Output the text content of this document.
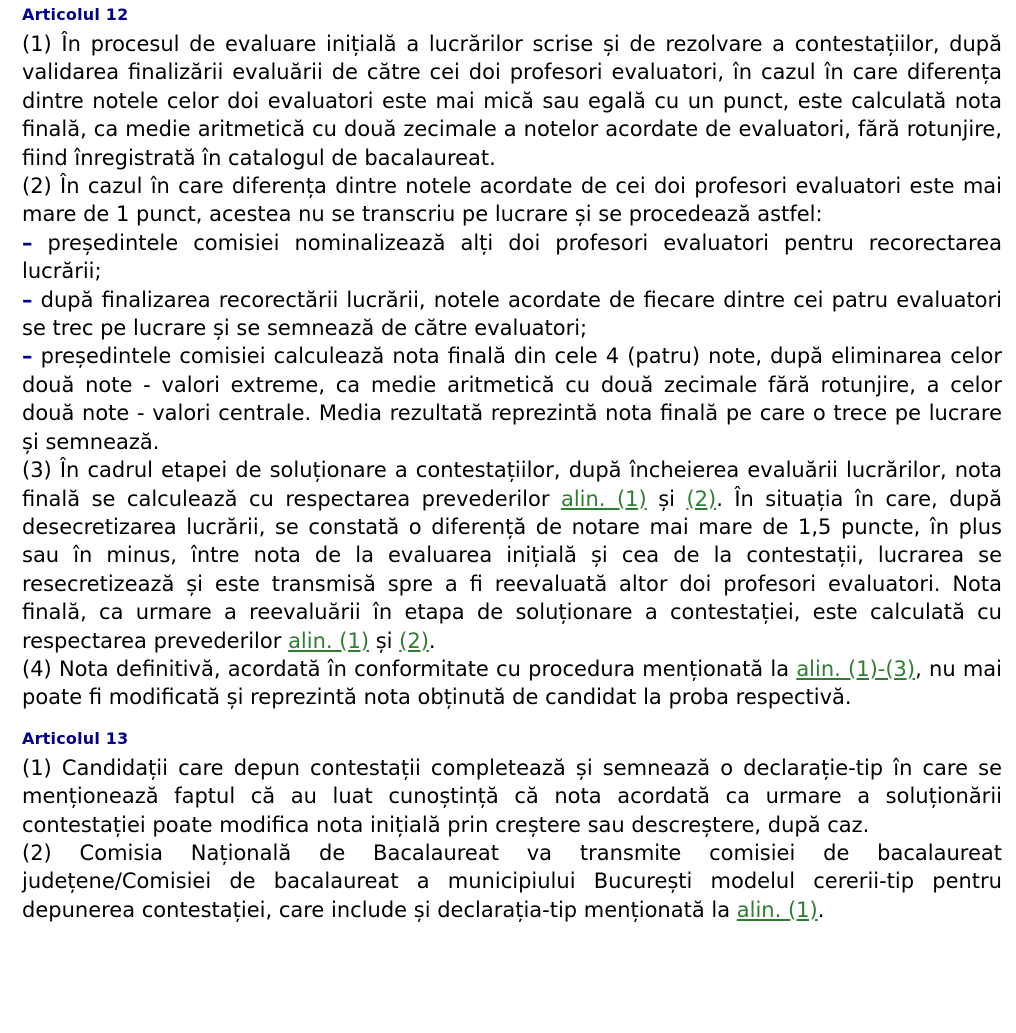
Articolul 12

(1) În procesul de evaluare inițială a lucrărilor scrise și de rezolvare a contestațiilor, după validarea finalizării evaluării de către cei doi profesori evaluatori, în cazul în care diferența dintre notele celor doi evaluatori este mai mică sau egală cu un punct, este calculată nota finală, ca medie aritmetică cu două zecimale a notelor acordate de evaluatori, fără rotunjire, fiind înregistrată în catalogul de bacalaureat.

(2) În cazul în care diferența dintre notele acordate de cei doi profesori evaluatori este mai mare de 1 punct, acestea nu se transcriu pe lucrare și se procedează astfel:

– președintele comisiei nominalizează alți doi profesori evaluatori pentru recorectarea lucrării;

– după finalizarea recorectării lucrării, notele acordate de fiecare dintre cei patru evaluatori se trec pe lucrare și se semnează de către evaluatori;

– președintele comisiei calculează nota finală din cele 4 (patru) note, după eliminarea celor două note - valori extreme, ca medie aritmetică cu două zecimale fără rotunjire, a celor două note - valori centrale. Media rezultată reprezintă nota finală pe care o trece pe lucrare și semnează.

(3) În cadrul etapei de soluționare a contestațiilor, după încheierea evaluării lucrărilor, nota finală se calculează cu respectarea prevederilor alin. (1) și (2). În situația în care, după desecretizarea lucrării, se constată o diferență de notare mai mare de 1,5 puncte, în plus sau în minus, între nota de la evaluarea inițială și cea de la contestații, lucrarea se resecretizează și este transmisă spre a fi reevaluată altor doi profesori evaluatori. Nota finală, ca urmare a reevaluării în etapa de soluționare a contestației, este calculată cu respectarea prevederilor alin. (1) și (2).

(4) Nota definitivă, acordată în conformitate cu procedura menționată la alin. (1)-(3), nu mai poate fi modificată și reprezintă nota obținută de candidat la proba respectivă.

Articolul 13

(1) Candidații care depun contestații completează și semnează o declarație-tip în care se menționează faptul că au luat cunoștință că nota acordată ca urmare a soluționării contestației poate modifica nota inițială prin creștere sau descreștere, după caz.

(2) Comisia Națională de Bacalaureat va transmite comisiei de bacalaureat județene/Comisiei de bacalaureat a municipiului București modelul cererii-tip pentru depunerea contestației, care include și declarația-tip menționată la alin. (1).
